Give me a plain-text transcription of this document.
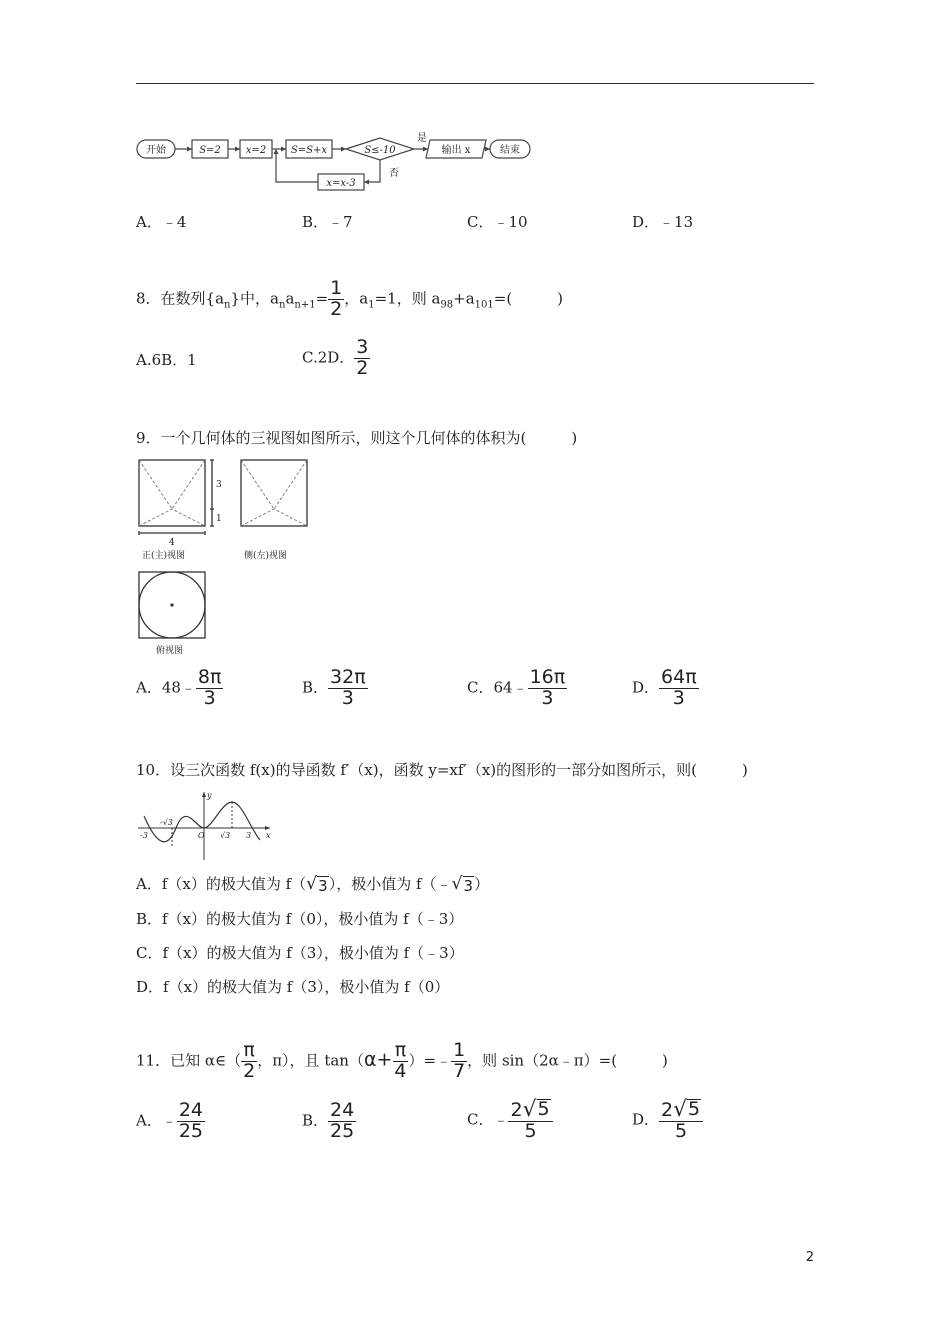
开始	S=2	x=2 S=S+x	S≤-10
是
否
输出 x	结束
x=x-3
A．﹣4	B．﹣7	C．﹣10	D．﹣13
8．在数列$\{a_n\}$中，$a_na_{n+1}= \frac{1}{2}$ ，$a_1=1$，则 $a_{98}+a_{101}=$(　　　)
A.6B．1	C.2D． $\frac{3}{2}$
9．一个几何体的三视图如图所示，则这个几何体的体积为(　　　)
3
1
4
正(主)视图	侧(左)视图
俯视图
A．48﹣ $\frac{8\pi}{3}$	B． $\frac{32\pi}{3}$	C．64﹣ $\frac{16\pi}{3}$	D． $\frac{64\pi}{3}$
10．设三次函数 f(x)的导函数 f′（x)，函数 y=xf′（x)的图形的一部分如图所示，则(　　　)
y
x
O
-3
-√3
√3 3
A．f（x）的极大值为 f（ √ 3 ），极小值为 f（﹣ √ 3 ）
B．f（x）的极大值为 f（0），极小值为 f（﹣3）
C．f（x）的极大值为 f（3），极小值为 f（﹣3）
D．f（x）的极大值为 f（3），极小值为 f（0）
11．已知 α∈（ $\frac{\pi}{2}$ ，π），且 $\tan(\alpha+ \frac{\pi}{4}$ ）=﹣ $\frac{1}{7}$ ，则 sin（2α﹣π）=(　　　)
A．﹣ $\frac{24}{25}$	B． $\frac{24}{25}$	C．﹣ $\frac{2 √ 5}{5}$	D． $\frac{2 √ 5}{5}$
2
